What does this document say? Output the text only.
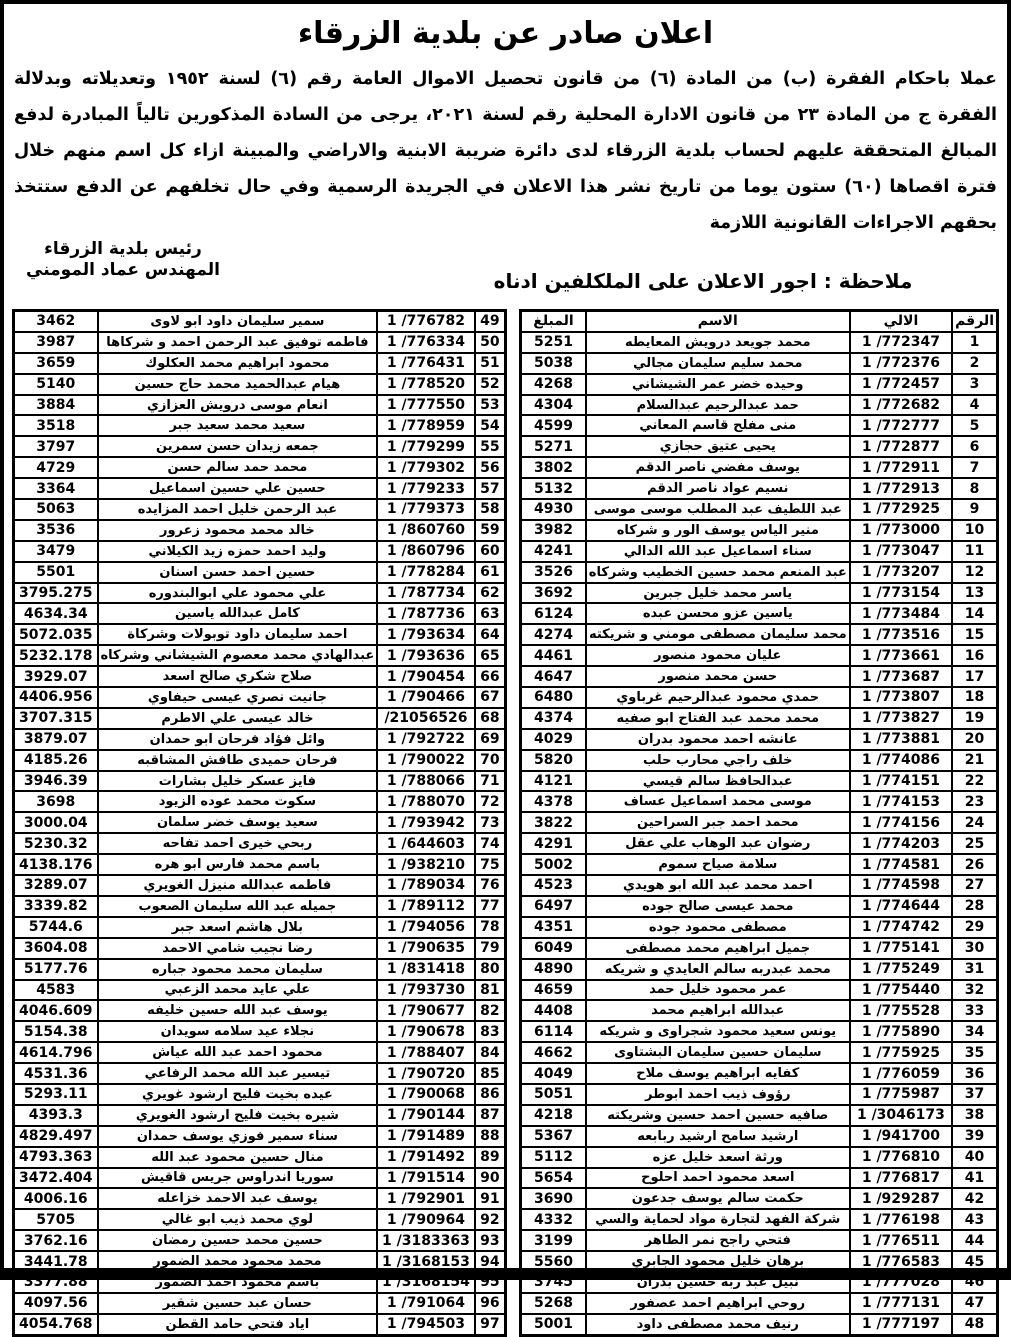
اعلان صادر عن بلدية الزرقاء

عملا باحكام الفقرة (ب) من المادة (٦) من قانون تحصيل الاموال العامة رقم (٦) لسنة ١٩٥٢ وتعديلاته وبدلالة الفقرة ج من المادة ٢٣ من قانون الادارة المحلية رقم لسنة ٢٠٢١، يرجى من السادة المذكورين تالياً المبادرة لدفع المبالغ المتحققة عليهم لحساب بلدية الزرقاء لدى دائرة ضريبة الابنية والاراضي والمبينة ازاء كل اسم منهم خلال فترة اقصاها (٦٠) ستون يوما من تاريخ نشر هذا الاعلان في الجريدة الرسمية وفي حال تخلفهم عن الدفع ستتخذ بحقهم الاجراءات القانونية اللازمة

رئيس بلدية الزرقاء
المهندس عماد المومني	ملاحظة : اجور الاعلان على الملكلفين ادناه
الرقم	الالي	الاسم	المبلغ
1	1 /772347	محمد جويعد درويش المعايطه	5251
2	1 /772376	محمد سليم سليمان مجالي	5038
3	1 /772457	وحيده خضر عمر الشيشاني	4268
4	1 /772682	حمد عبدالرحيم عبدالسلام	4304
5	1 /772777	منى مفلح قاسم المعاني	4599
6	1 /772877	يحيى عتيق حجازي	5271
7	1 /772911	يوسف مفضي ناصر الدقم	3802
8	1 /772913	نسيم عواد ناصر الدقم	5132
9	1 /772925	عبد اللطيف عبد المطلب موسى موسى	4930
10	1 /773000	منير الياس يوسف الور و شركاه	3982
11	1 /773047	سناء اسماعيل عبد الله الدالي	4241
12	1 /773207	عبد المنعم محمد حسين الخطيب وشركاه	3526
13	1 /773154	ياسر محمد خليل جبرين	3692
14	1 /773484	ياسين عزو محسن عبده	6124
15	1 /773516	محمد سليمان مصطفى مومني و شريكته	4274
16	1 /773661	عليان محمود منصور	4461
17	1 /773687	حسن محمد منصور	4647
18	1 /773807	حمدي محمود عبدالرحيم غرباوي	6480
19	1 /773827	محمد محمد عبد الفتاح ابو صفيه	4374
20	1 /773881	عانشه احمد محمود بدران	4029
21	1 /774086	خلف راجي محارب حلب	5820
22	1 /774151	عبدالحافظ سالم قيسي	4121
23	1 /774153	موسى محمد اسماعيل عساف	4378
24	1 /774156	محمد احمد جبر السراحين	3822
25	1 /774203	رضوان عبد الوهاب علي عقل	4291
26	1 /774581	سلامة صياح سموم	5002
27	1 /774598	احمد محمد عبد الله ابو هويدي	4523
28	1 /774644	محمد عيسى صالح جوده	6497
29	1 /774742	مصطفى محمود جوده	4351
30	1 /775141	جميل ابراهيم محمد مصطفى	6049
31	1 /775249	محمد عبدربه سالم العايدي و شريكه	4890
32	1 /775440	عمر محمود خليل حمد	4659
33	1 /775528	عبدالله ابراهيم محمد	4408
34	1 /775890	يونس سعيد محمود شجراوى و شريكه	6114
35	1 /775925	سليمان حسين سليمان البشتاوى	4662
36	1 /776059	كفايه ابراهيم يوسف ملاح	4049
37	1 /775987	رؤوف ذيب احمد ابوطر	5051
38	1 /3046173	صافيه حسين احمد حسين وشريكته	4218
39	1 /941700	ارشيد سامح ارشيد ربابعه	5367
40	1 /776810	ورثة اسعد خليل عزه	5112
41	1 /776817	اسعد محمود احمد احلوح	5654
42	1 /929287	حكمت سالم يوسف جدعون	3690
43	1 /776198	شركة الفهد لتجارة مواد لحماية والسي	4332
44	1 /776511	فتحي راجح نمر الطاهر	3199
45	1 /776583	برهان خليل محمود الجابري	5560
46	1 /777028	نبيل عبد ربه حسين بدران	3745
47	1 /777131	روحي ابراهيم احمد عصفور	5268
48	1 /777197	رنيف محمد مصطفى داود	5001
49	1 /776782	سمير سليمان داود ابو لاوى	3462
50	1 /776334	فاطمه توفيق عبد الرحمن احمد و شركاها	3987
51	1 /776431	محمود ابراهيم محمد العكلوك	3659
52	1 /778520	هيام عبدالحميد محمد حاج حسين	5140
53	1 /777550	انعام موسى درويش العزازي	3884
54	1 /778959	سعيد محمد سعيد جبر	3518
55	1 /779299	جمعه زيدان حسن سمرين	3797
56	1 /779302	محمد حمد سالم حسن	4729
57	1 /779233	حسين علي حسين اسماعيل	3364
58	1 /779373	عبد الرحمن خليل احمد المزايده	5063
59	1 /860760	خالد محمد محمود زعرور	3536
60	1 /860796	وليد احمد حمزه زيد الكيلاني	3479
61	1 /778284	حسين احمد حسن اسنان	5501
62	1 /787734	علي محمود علي ابوالبندوره	3795.275
63	1 /787736	كامل عبدالله ياسين	4634.34
64	1 /793634	احمد سليمان داود توبولات وشركاة	5072.035
65	1 /793636	عبدالهادي محمد معصوم الشيشاني وشركاه	5232.178
66	1 /790454	صلاح شكري صالح اسعد	3929.07
67	1 /790466	جانيت نصري عيسى حيفاوي	4406.956
68	/21056526	خالد عيسى علي الاطرم	3707.315
69	1 /792722	وائل فؤاد فرحان ابو حمدان	3879.07
70	1 /790022	فرحان حميدى طافش المشاقبه	4185.26
71	1 /788066	فايز عسكر خليل بشارات	3946.39
72	1 /788070	سكوت محمد عوده الزيود	3698
73	1 /793942	سعيد يوسف خضر سلمان	3000.04
74	1 /644603	ربحي خيرى احمد تفاحه	5230.32
75	1 /938210	باسم محمد فارس ابو هره	4138.176
76	1 /789034	فاطمه عبدالله منيزل الغويري	3289.07
77	1 /789112	جميله عبد الله سليمان الصعوب	3339.82
78	1 /794056	بلال هاشم اسعد جبر	5744.6
79	1 /790635	رضا نجيب شامي الاحمد	3604.08
80	1 /831418	سليمان محمد محمود جباره	5177.76
81	1 /793730	علي عايد محمد الزعبي	4583
82	1 /790677	يوسف عبد الله حسين خليفه	4046.609
83	1 /790678	نجلاء عيد سلامه سويدان	5154.38
84	1 /788407	محمود احمد عبد الله عياش	4614.796
85	1 /790720	تيسير عبد الله محمد الرفاعي	4531.36
86	1 /790068	عيده بخيت فليح ارشود غويري	5293.11
87	1 /790144	شيره بخيت فليح ارشود الغويري	4393.3
88	1 /791489	سناء سمير فوزي يوسف حمدان	4829.497
89	1 /791492	منال حسين محمود عبد الله	4793.363
90	1 /791514	سوريا اندراوس جريس قاقيش	3472.404
91	1 /792901	يوسف عبد الاحمد خزاعله	4006.16
92	1 /790964	لوي محمد ذيب ابو غالي	5705
93	1 /3183363	حسين محمد حسين رمضان	3762.16
94	1 /3168153	محمد محمود محمد الضمور	3441.78
95	1 /3168154	باسم محمود احمد الضمور	3377.88
96	1 /791064	حسان عبد حسين شقير	4097.56
97	1 /794503	اياد فتحي حامد القطن	4054.768
